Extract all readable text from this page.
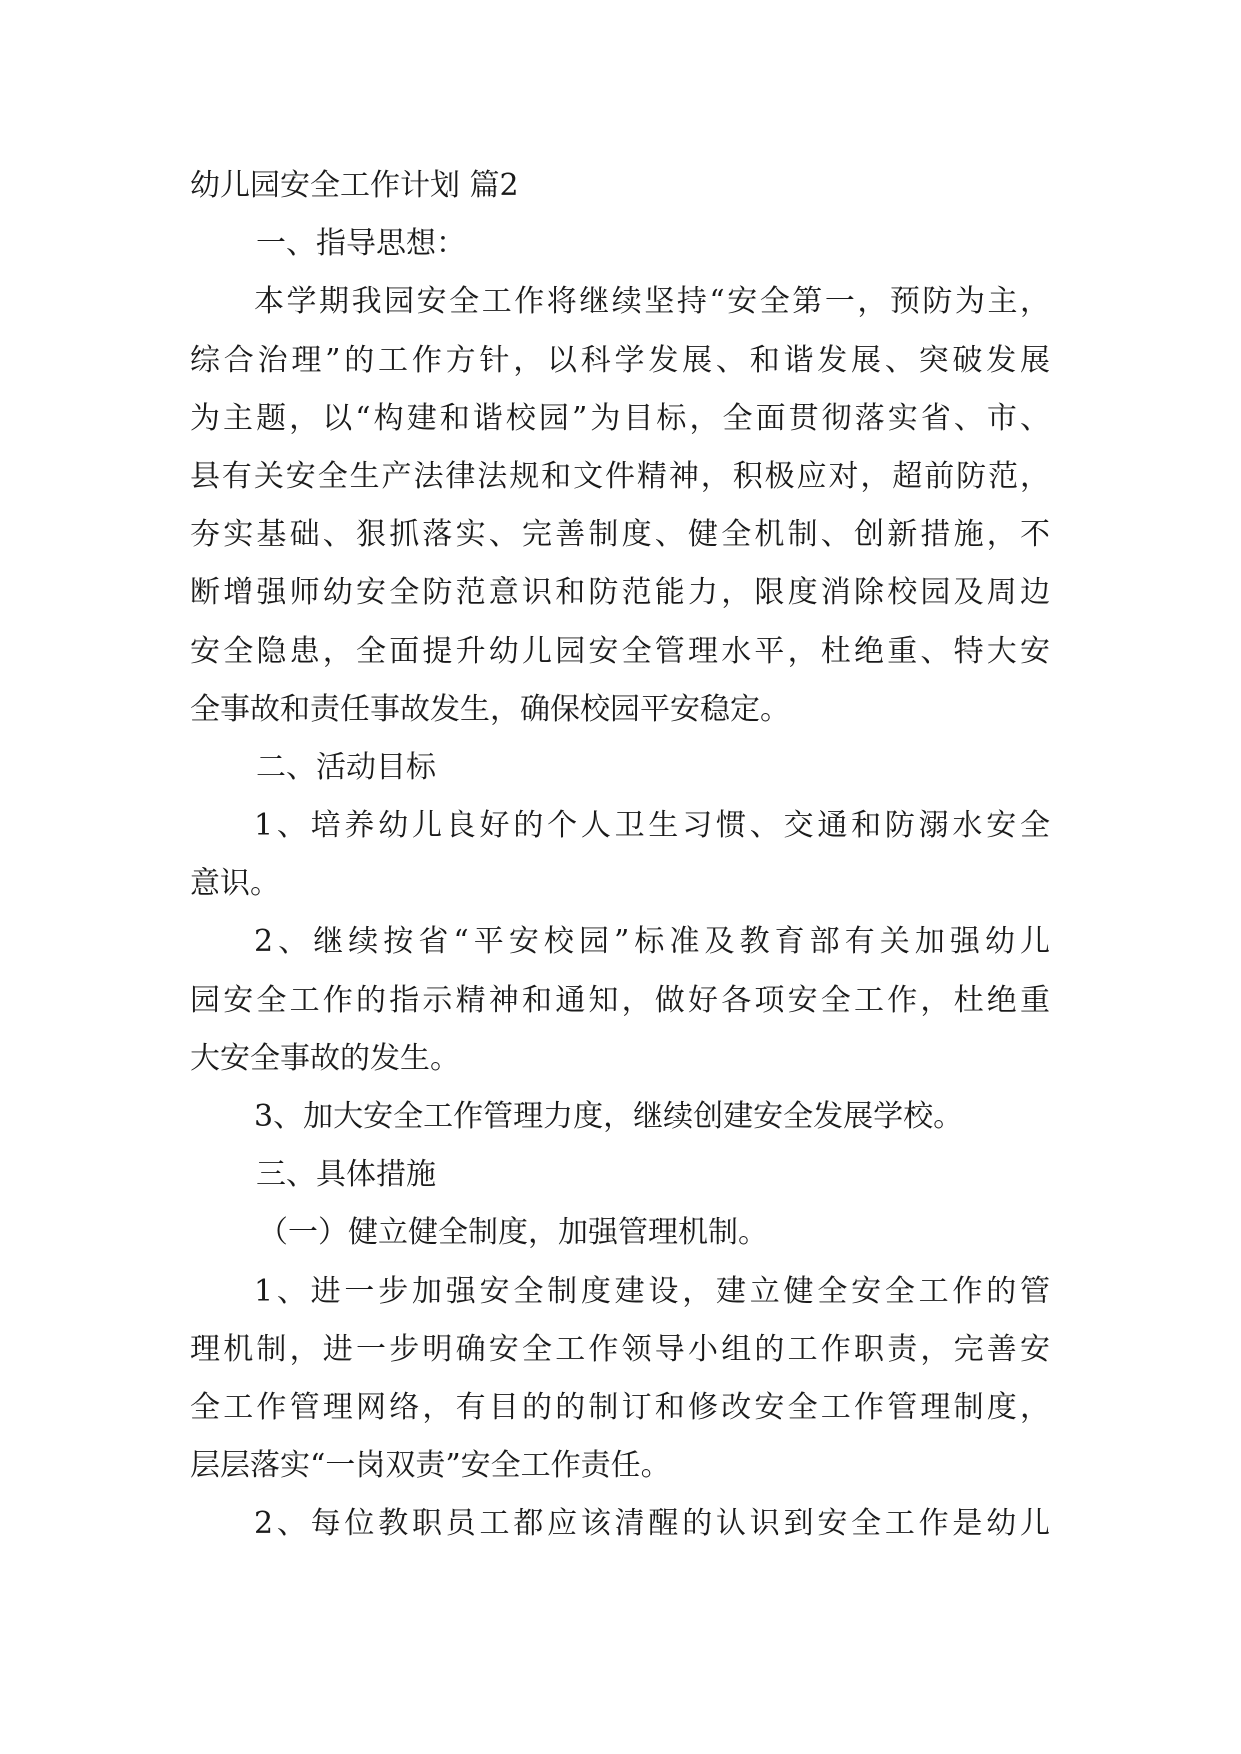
幼儿园安全工作计划 篇2
一、指导思想：
本学期我园安全工作将继续坚持“安全第一，预防为主，
综合治理”的工作方针，以科学发展、和谐发展、突破发展
为主题，以“构建和谐校园”为目标，全面贯彻落实省、市、
县有关安全生产法律法规和文件精神，积极应对，超前防范，
夯实基础、狠抓落实、完善制度、健全机制、创新措施，不
断增强师幼安全防范意识和防范能力，限度消除校园及周边
安全隐患，全面提升幼儿园安全管理水平，杜绝重、特大安
全事故和责任事故发生，确保校园平安稳定。
二、活动目标
1、培养幼儿良好的个人卫生习惯、交通和防溺水安全
意识。
2、继续按省“平安校园”标准及教育部有关加强幼儿
园安全工作的指示精神和通知，做好各项安全工作，杜绝重
大安全事故的发生。
3、加大安全工作管理力度，继续创建安全发展学校。
三、具体措施
（一）健立健全制度，加强管理机制。
1、进一步加强安全制度建设，建立健全安全工作的管
理机制，进一步明确安全工作领导小组的工作职责，完善安
全工作管理网络，有目的的制订和修改安全工作管理制度，
层层落实“一岗双责”安全工作责任。
2、每位教职员工都应该清醒的认识到安全工作是幼儿
